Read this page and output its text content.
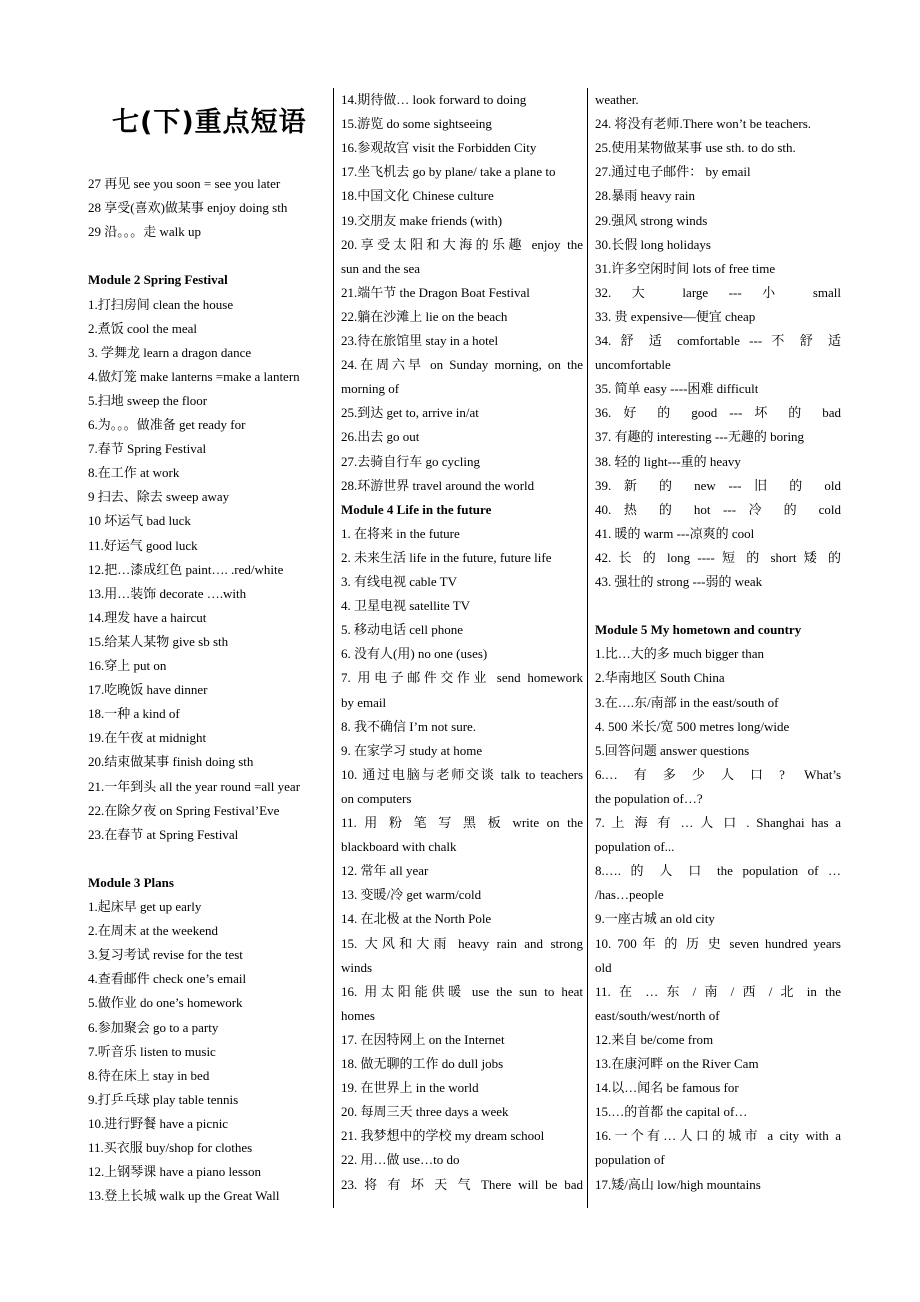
七(下)重点短语
27 再见 see you soon = see you later
28 享受(喜欢)做某事 enjoy doing sth
29 沿。。。走 walk up
Module 2 Spring Festival
1.打扫房间 clean the house
2.煮饭 cool the meal
3. 学舞龙 learn a dragon dance
4.做灯笼 make lanterns =make a lantern
5.扫地 sweep the floor
6.为。。。做准备 get ready for
7.春节 Spring Festival
8.在工作 at work
9 扫去、除去 sweep away
10 坏运气 bad luck
11.好运气 good luck
12.把…漆成红色 paint…. .red/white
13.用…装饰 decorate ….with
14.理发 have a haircut
15.给某人某物 give sb sth
16.穿上 put on
17.吃晚饭 have dinner
18.一种 a kind of
19.在午夜 at midnight
20.结束做某事 finish doing sth
21.一年到头 all the year round =all year
22.在除夕夜 on Spring Festival’Eve
23.在春节 at Spring Festival
Module 3 Plans
1.起床早 get up early
2.在周末 at the weekend
3.复习考试 revise for the test
4.查看邮件 check one’s email
5.做作业 do one’s homework
6.参加聚会 go to a party
7.听音乐 listen to music
8.待在床上 stay in bed
9.打乒乓球 play table tennis
10.进行野餐 have a picnic
11.买衣服 buy/shop for clothes
12.上钢琴课 have a piano lesson
13.登上长城 walk up the Great Wall
14.期待做… look forward to doing
15.游览 do some sightseeing
16.参观故宫 visit the Forbidden City
17.坐飞机去 go by plane/ take a plane to
18.中国文化 Chinese culture
19.交朋友 make friends (with)
20.享受太阳和大海的乐趣 enjoy the
sun and the sea
21.端午节 the Dragon Boat Festival
22.躺在沙滩上 lie on the beach
23.待在旅馆里 stay in a hotel
24.在周六早 on Sunday morning, on the
morning of
25.到达 get to, arrive in/at
26.出去 go out
27.去骑自行车 go cycling
28.环游世界 travel around the world
Module 4 Life in the future
1. 在将来 in the future
2. 未来生活 life in the future, future life
3. 有线电视 cable TV
4. 卫星电视 satellite TV
5. 移动电话 cell phone
6. 没有人(用) no one (uses)
7. 用电子邮件交作业 send homework
by email
8. 我不确信 I’m not sure.
9. 在家学习 study at home
10. 通过电脑与老师交谈 talk to teachers
on computers
11. 用 粉 笔 写 黑 板 write on the
blackboard with chalk
12. 常年 all year
13. 变暖/冷 get warm/cold
14. 在北极 at the North Pole
15. 大风和大雨 heavy rain and strong
winds
16. 用太阳能供暖 use the sun to heat
homes
17. 在因特网上 on the Internet
18. 做无聊的工作 do dull jobs
19. 在世界上 in the world
20. 每周三天 three days a week
21. 我梦想中的学校 my dream school
22. 用…做 use…to do
23. 将 有 坏 天 气 There will be bad
weather.
24. 将没有老师.There won’t be teachers.
25.使用某物做某事 use sth. to do sth.
27.通过电子邮件： by email
28.暴雨 heavy rain
29.强风 strong winds
30.长假 long holidays
31.许多空闲时间 lots of free time
32. 大 large --- 小 small
33. 贵 expensive—便宜 cheap
34. 舒 适 comfortable --- 不 舒 适
uncomfortable
35. 简单 easy ----困难 difficult
36. 好 的 good --- 坏 的 bad
37. 有趣的 interesting ---无趣的 boring
38. 轻的 light---重的 heavy
39. 新 的 new --- 旧 的 old
40. 热 的 hot --- 冷 的 cold
41. 暖的 warm ---凉爽的 cool
42. 长 的 long ---- 短 的 short 矮 的
43. 强壮的 strong ---弱的 weak
Module 5 My hometown and country
1.比…大的多 much bigger than
2.华南地区 South China
3.在….东/南部 in the east/south of
4. 500 米长/宽 500 metres long/wide
5.回答问题 answer questions
6.…有多少人口? What’s
the population of…?
7. 上 海 有 … 人 口 . Shanghai has a
population of...
8.…. 的 人 口 the population of …
/has…people
9.一座古城 an old city
10. 700 年 的 历 史 seven hundred years
old
11. 在 … 东 / 南 / 西 / 北 in the
east/south/west/north of
12.来自 be/come from
13.在康河畔 on the River Cam
14.以…闻名 be famous for
15.…的首都 the capital of…
16.一个有…人口的城市 a city with a
population of
17.矮/高山 low/high mountains
